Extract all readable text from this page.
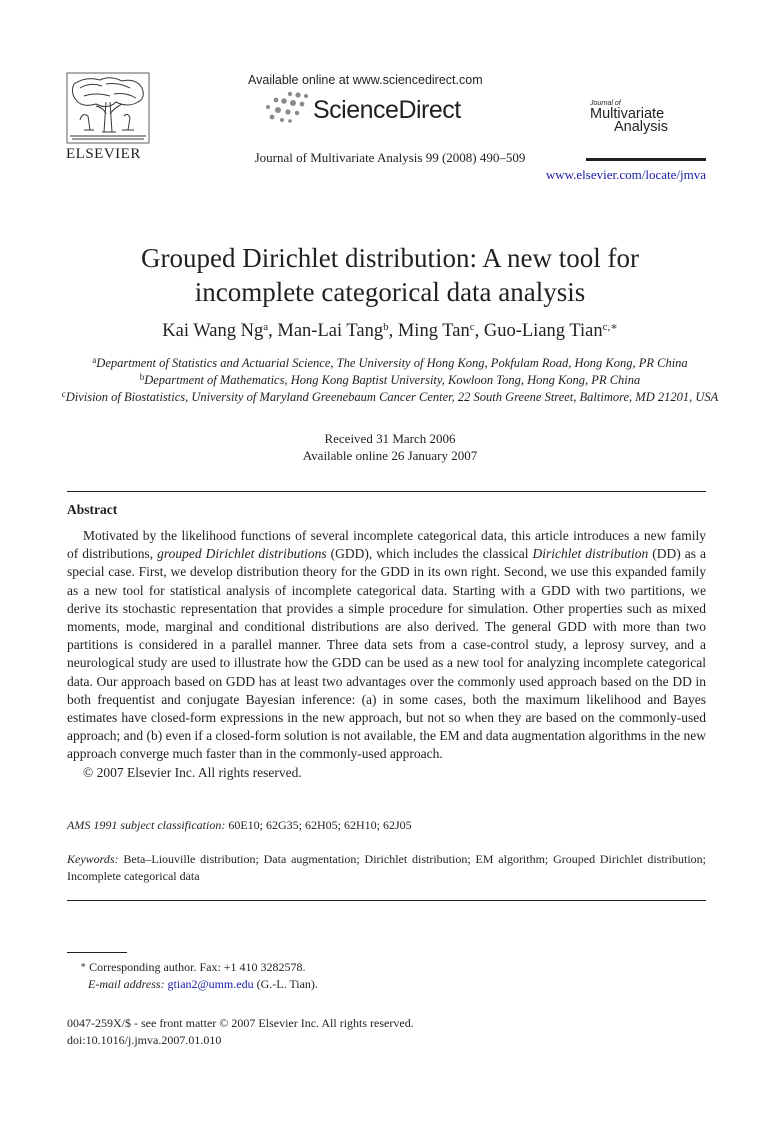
ELSEVIER
Available online at www.sciencedirect.com
ScienceDirect
Journal of Multivariate Analysis 99 (2008) 490–509
Journal of
Multivariate
Analysis
www.elsevier.com/locate/jmva
Grouped Dirichlet distribution: A new tool for
incomplete categorical data analysis
Kai Wang Ng$^a$, Man-Lai Tang$^b$, Ming Tan$^c$, Guo-Liang Tian$^{c,∗}$
$^a$Department of Statistics and Actuarial Science, The University of Hong Kong, Pokfulam Road, Hong Kong, PR China
$^b$Department of Mathematics, Hong Kong Baptist University, Kowloon Tong, Hong Kong, PR China
$^c$Division of Biostatistics, University of Maryland Greenebaum Cancer Center, 22 South Greene Street, Baltimore, MD 21201, USA
Received 31 March 2006
Available online 26 January 2007
Abstract

Motivated by the likelihood functions of several incomplete categorical data, this article introduces a new family of distributions, grouped Dirichlet distributions (GDD), which includes the classical Dirichlet distribution (DD) as a special case. First, we develop distribution theory for the GDD in its own right. Second, we use this expanded family as a new tool for statistical analysis of incomplete categorical data. Starting with a GDD with two partitions, we derive its stochastic representation that provides a simple procedure for simulation. Other properties such as mixed moments, mode, marginal and conditional distributions are also derived. The general GDD with more than two partitions is considered in a parallel manner. Three data sets from a case-control study, a leprosy survey, and a neurological study are used to illustrate how the GDD can be used as a new tool for analyzing incomplete categorical data. Our approach based on GDD has at least two advantages over the commonly used approach based on the DD in both frequentist and conjugate Bayesian inference: (a) in some cases, both the maximum likelihood and Bayes estimates have closed-form expressions in the new approach, but not so when they are based on the commonly-used approach; and (b) even if a closed-form solution is not available, the EM and data augmentation algorithms in the new approach converge much faster than in the commonly-used approach.

© 2007 Elsevier Inc. All rights reserved.

AMS 1991 subject classification: 60E10; 62G35; 62H05; 62H10; 62J05
Keywords: Beta–Liouville distribution; Data augmentation; Dirichlet distribution; EM algorithm; Grouped Dirichlet distribution; Incomplete categorical data
∗ Corresponding author. Fax: +1 410 3282578.
E-mail address: gtian2@umm.edu (G.-L. Tian).
0047-259X/$ - see front matter © 2007 Elsevier Inc. All rights reserved.
doi:10.1016/j.jmva.2007.01.010
